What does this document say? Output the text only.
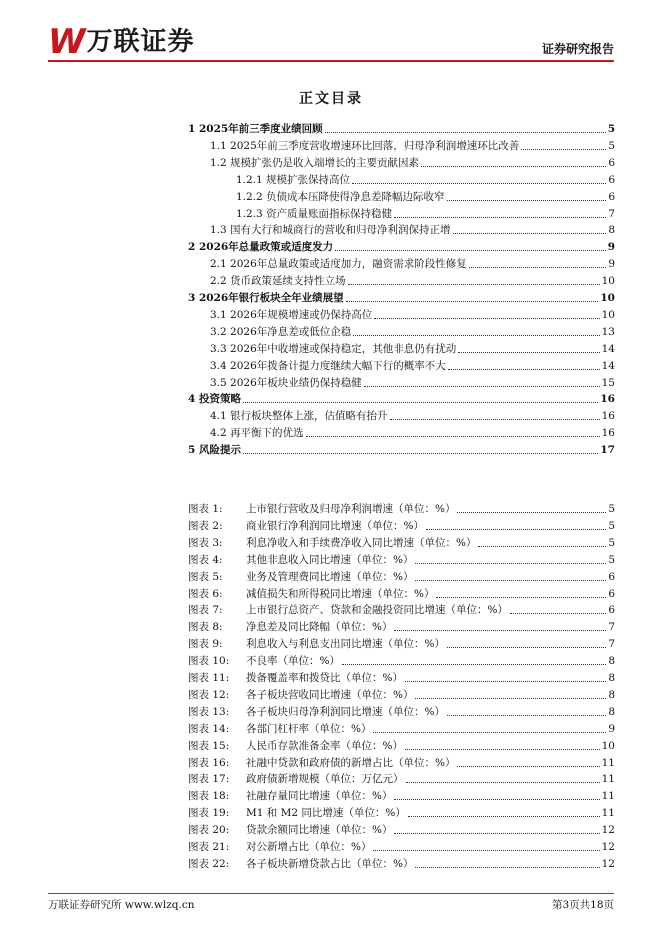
W 万联证券	证券研究报告
正文目录
1 2025年前三季度业绩回顾	5
1.1 2025年前三季度营收增速环比回落，归母净利润增速环比改善	5
1.2 规模扩张仍是收入端增长的主要贡献因素	6
1.2.1 规模扩张保持高位	6
1.2.2 负债成本压降使得净息差降幅边际收窄	6
1.2.3 资产质量账面指标保持稳健	7
1.3 国有大行和城商行的营收和归母净利润保持正增	8
2 2026年总量政策或适度发力	9
2.1 2026年总量政策或适度加力，融资需求阶段性修复	9
2.2 货币政策延续支持性立场	10
3 2026年银行板块全年业绩展望	10
3.1 2026年规模增速或仍保持高位	10
3.2 2026年净息差或低位企稳	13
3.3 2026年中收增速或保持稳定，其他非息仍有扰动	14
3.4 2026年拨备计提力度继续大幅下行的概率不大	14
3.5 2026年板块业绩仍保持稳健	15
4 投资策略	16
4.1 银行板块整体上涨，估值略有抬升	16
4.2 再平衡下的优选	16
5 风险提示	17
图表 1:	上市银行营收及归母净利润增速（单位：%）	5
图表 2:	商业银行净利润同比增速（单位：%）	5
图表 3:	利息净收入和手续费净收入同比增速（单位：%）	5
图表 4:	其他非息收入同比增速（单位：%）	5
图表 5:	业务及管理费同比增速（单位：%）	6
图表 6:	减值损失和所得税同比增速（单位：%）	6
图表 7:	上市银行总资产、贷款和金融投资同比增速（单位：%）	6
图表 8:	净息差及同比降幅（单位：%）	7
图表 9:	利息收入与利息支出同比增速（单位：%）	7
图表 10:	不良率（单位：%）	8
图表 11:	拨备覆盖率和拨贷比（单位：%）	8
图表 12:	各子板块营收同比增速（单位：%）	8
图表 13:	各子板块归母净利润同比增速（单位：%）	8
图表 14:	各部门杠杆率（单位：%）	9
图表 15:	人民币存款准备金率（单位：%）	10
图表 16:	社融中贷款和政府债的新增占比（单位：%）	11
图表 17:	政府债新增规模（单位：万亿元）	11
图表 18:	社融存量同比增速（单位：%）	11
图表 19:	M1 和 M2 同比增速（单位：%）	11
图表 20:	贷款余额同比增速（单位：%）	12
图表 21:	对公新增占比（单位：%）	12
图表 22:	各子板块新增贷款占比（单位：%）	12
万联证券研究所 www.wlzq.cn	第3页共18页
